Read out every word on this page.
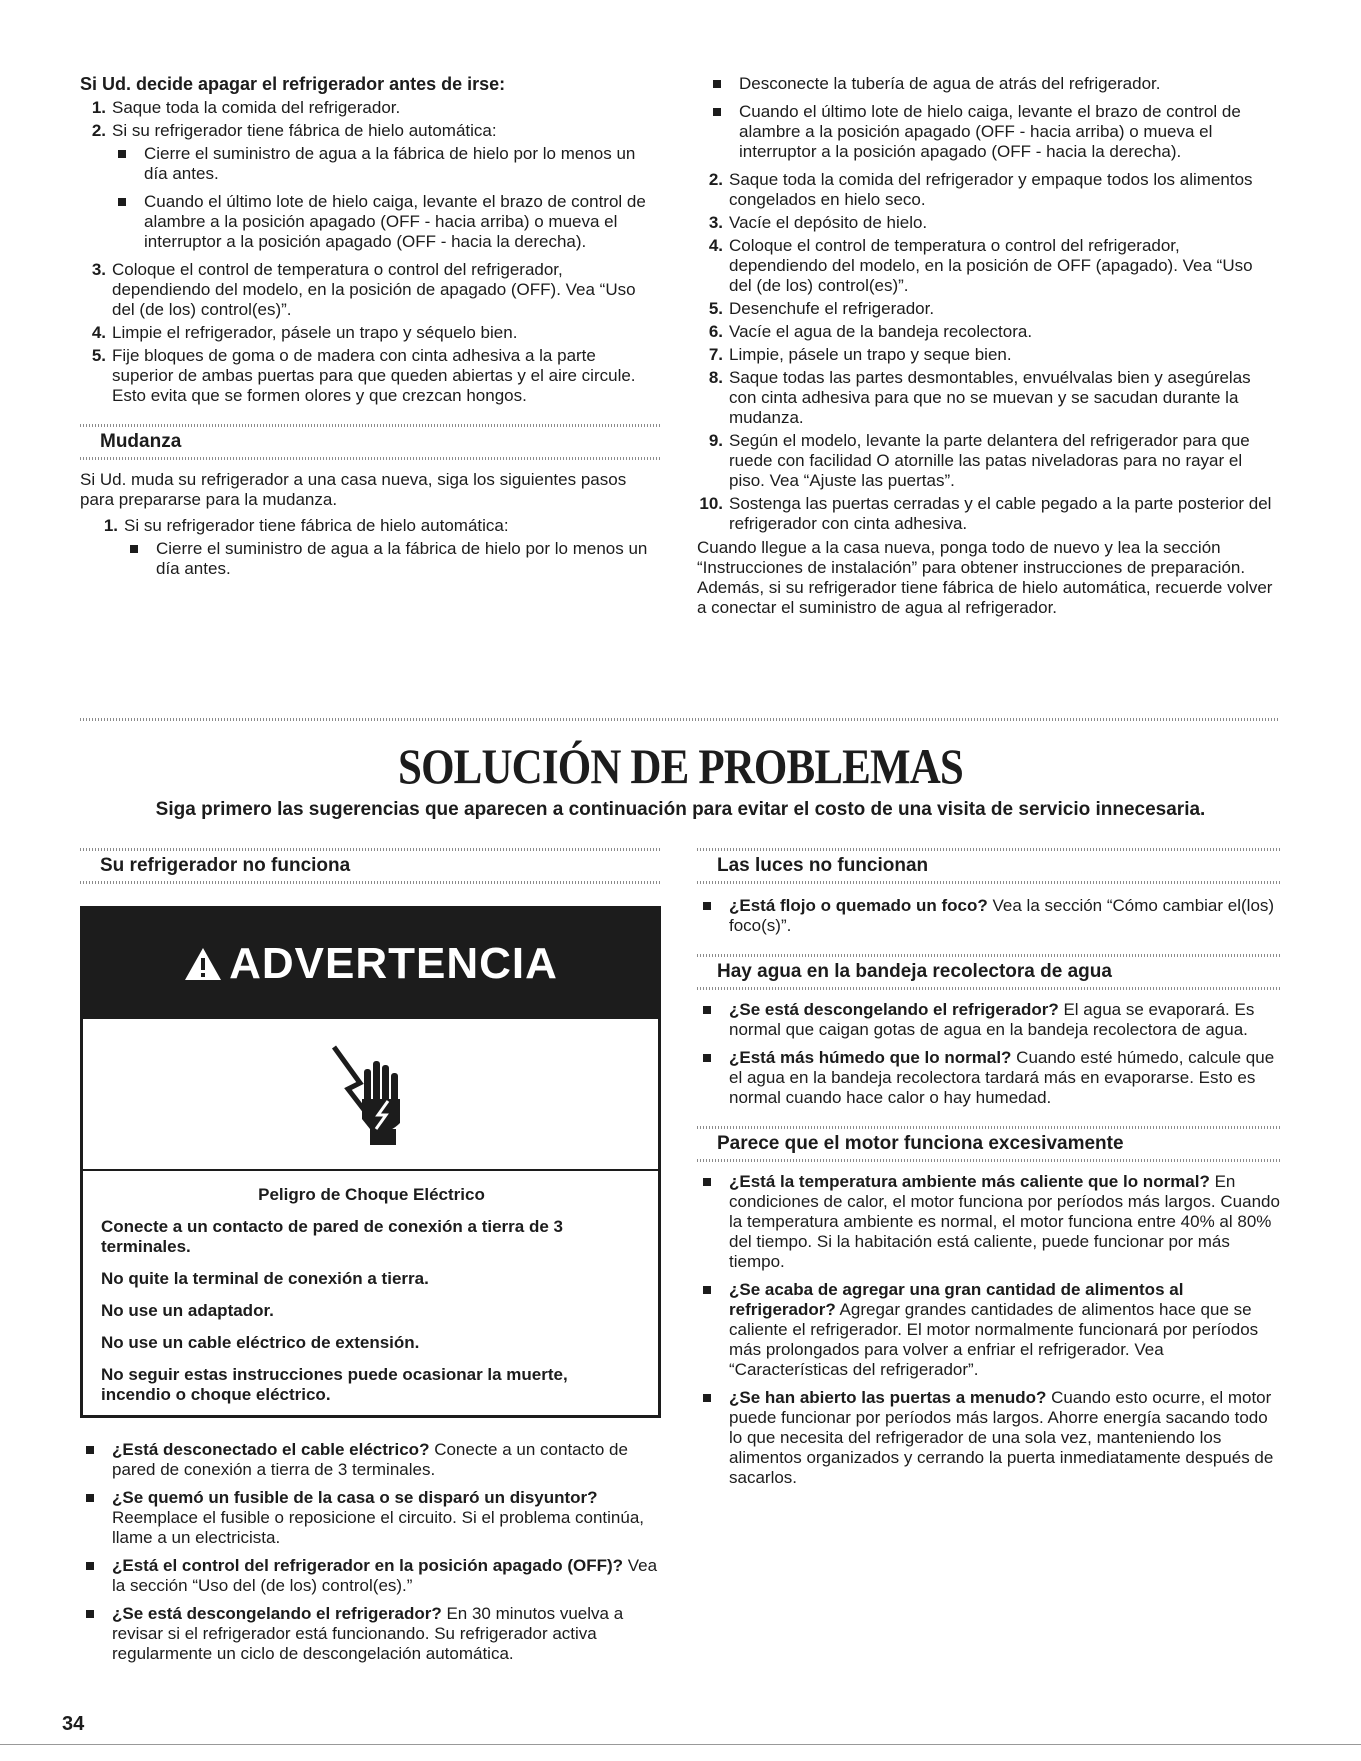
Si Ud. decide apagar el refrigerador antes de irse:

1. Saque toda la comida del refrigerador.
2. Si su refrigerador tiene fábrica de hielo automática:
Cierre el suministro de agua a la fábrica de hielo por lo menos un día antes.
Cuando el último lote de hielo caiga, levante el brazo de control de alambre a la posición apagado (OFF - hacia arriba) o mueva el interruptor a la posición apagado (OFF - hacia la derecha).
3. Coloque el control de temperatura o control del refrigerador, dependiendo del modelo, en la posición de apagado (OFF). Vea “Uso del (de los) control(es)”.
4. Limpie el refrigerador, pásele un trapo y séquelo bien.
5. Fije bloques de goma o de madera con cinta adhesiva a la parte superior de ambas puertas para que queden abiertas y el aire circule. Esto evita que se formen olores y que crezcan hongos.
Mudanza

Si Ud. muda su refrigerador a una casa nueva, siga los siguientes pasos para prepararse para la mudanza.

1. Si su refrigerador tiene fábrica de hielo automática:
Cierre el suministro de agua a la fábrica de hielo por lo menos un día antes.
Desconecte la tubería de agua de atrás del refrigerador.
Cuando el último lote de hielo caiga, levante el brazo de control de alambre a la posición apagado (OFF - hacia arriba) o mueva el interruptor a la posición apagado (OFF - hacia la derecha).
2. Saque toda la comida del refrigerador y empaque todos los alimentos congelados en hielo seco.
3. Vacíe el depósito de hielo.
4. Coloque el control de temperatura o control del refrigerador, dependiendo del modelo, en la posición de OFF (apagado). Vea “Uso del (de los) control(es)”.
5. Desenchufe el refrigerador.
6. Vacíe el agua de la bandeja recolectora.
7. Limpie, pásele un trapo y seque bien.
8. Saque todas las partes desmontables, envuélvalas bien y asegúrelas con cinta adhesiva para que no se muevan y se sacudan durante la mudanza.
9. Según el modelo, levante la parte delantera del refrigerador para que ruede con facilidad O atornille las patas niveladoras para no rayar el piso. Vea “Ajuste las puertas”.
10. Sostenga las puertas cerradas y el cable pegado a la parte posterior del refrigerador con cinta adhesiva.

Cuando llegue a la casa nueva, ponga todo de nuevo y lea la sección “Instrucciones de instalación” para obtener instrucciones de preparación. Además, si su refrigerador tiene fábrica de hielo automática, recuerde volver a conectar el suministro de agua al refrigerador.

SOLUCIÓN DE PROBLEMAS
Siga primero las sugerencias que aparecen a continuación para evitar el costo de una visita de servicio innecesaria.
Su refrigerador no funciona
ADVERTENCIA

Peligro de Choque Eléctrico

Conecte a un contacto de pared de conexión a tierra de 3 terminales.

No quite la terminal de conexión a tierra.

No use un adaptador.

No use un cable eléctrico de extensión.

No seguir estas instrucciones puede ocasionar la muerte, incendio o choque eléctrico.

¿Está desconectado el cable eléctrico? Conecte a un contacto de pared de conexión a tierra de 3 terminales.
¿Se quemó un fusible de la casa o se disparó un disyuntor? Reemplace el fusible o reposicione el circuito. Si el problema continúa, llame a un electricista.
¿Está el control del refrigerador en la posición apagado (OFF)? Vea la sección “Uso del (de los) control(es).”
¿Se está descongelando el refrigerador? En 30 minutos vuelva a revisar si el refrigerador está funcionando. Su refrigerador activa regularmente un ciclo de descongelación automática.
Las luces no funcionan
¿Está flojo o quemado un foco? Vea la sección “Cómo cambiar el(los) foco(s)”.
Hay agua en la bandeja recolectora de agua
¿Se está descongelando el refrigerador? El agua se evaporará. Es normal que caigan gotas de agua en la bandeja recolectora de agua.
¿Está más húmedo que lo normal? Cuando esté húmedo, calcule que el agua en la bandeja recolectora tardará más en evaporarse. Esto es normal cuando hace calor o hay humedad.
Parece que el motor funciona excesivamente
¿Está la temperatura ambiente más caliente que lo normal? En condiciones de calor, el motor funciona por períodos más largos. Cuando la temperatura ambiente es normal, el motor funciona entre 40% al 80% del tiempo. Si la habitación está caliente, puede funcionar por más tiempo.
¿Se acaba de agregar una gran cantidad de alimentos al refrigerador? Agregar grandes cantidades de alimentos hace que se caliente el refrigerador. El motor normalmente funcionará por períodos más prolongados para volver a enfriar el refrigerador. Vea “Características del refrigerador”.
¿Se han abierto las puertas a menudo? Cuando esto ocurre, el motor puede funcionar por períodos más largos. Ahorre energía sacando todo lo que necesita del refrigerador de una sola vez, manteniendo los alimentos organizados y cerrando la puerta inmediatamente después de sacarlos.
34
